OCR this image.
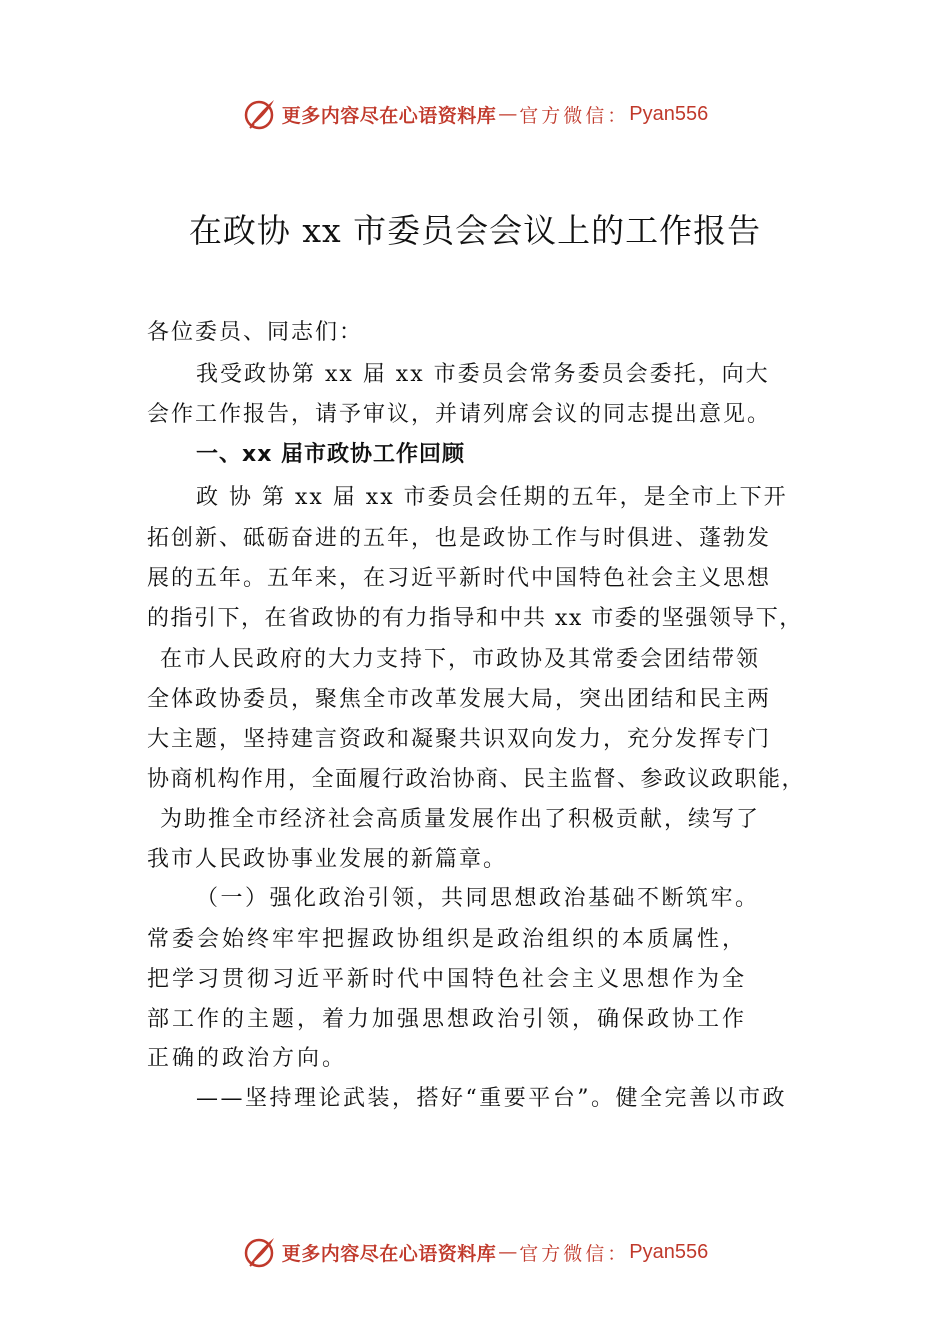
更多内容尽在心语资料库 — 官方微信： Pyan556
在政协 xx 市委员会会议上的工作报告
各位委员、同志们：
我受政协第 xx 届 xx 市委员会常务委员会委托，向大
会作工作报告，请予审议，并请列席会议的同志提出意见。
一、xx 届市政协工作回顾
政 协 第 xx 届 xx 市委员会任期的五年，是全市上下开
拓创新、砥砺奋进的五年，也是政协工作与时俱进、蓬勃发
展的五年。五年来，在习近平新时代中国特色社会主义思想
的指引下，在省政协的有力指导和中共 xx 市委的坚强领导下，
在市人民政府的大力支持下，市政协及其常委会团结带领
全体政协委员，聚焦全市改革发展大局，突出团结和民主两
大主题，坚持建言资政和凝聚共识双向发力，充分发挥专门
协商机构作用，全面履行政治协商、民主监督、参政议政职能，
为助推全市经济社会高质量发展作出了积极贡献，续写了
我市人民政协事业发展的新篇章。
（一）强化政治引领，共同思想政治基础不断筑牢。
常委会始终牢牢把握政协组织是政治组织的本质属性，
把学习贯彻习近平新时代中国特色社会主义思想作为全
部工作的主题，着力加强思想政治引领，确保政协工作
正确的政治方向。
——坚持理论武装，搭好“重要平台”。健全完善以市政
更多内容尽在心语资料库 — 官方微信： Pyan556
